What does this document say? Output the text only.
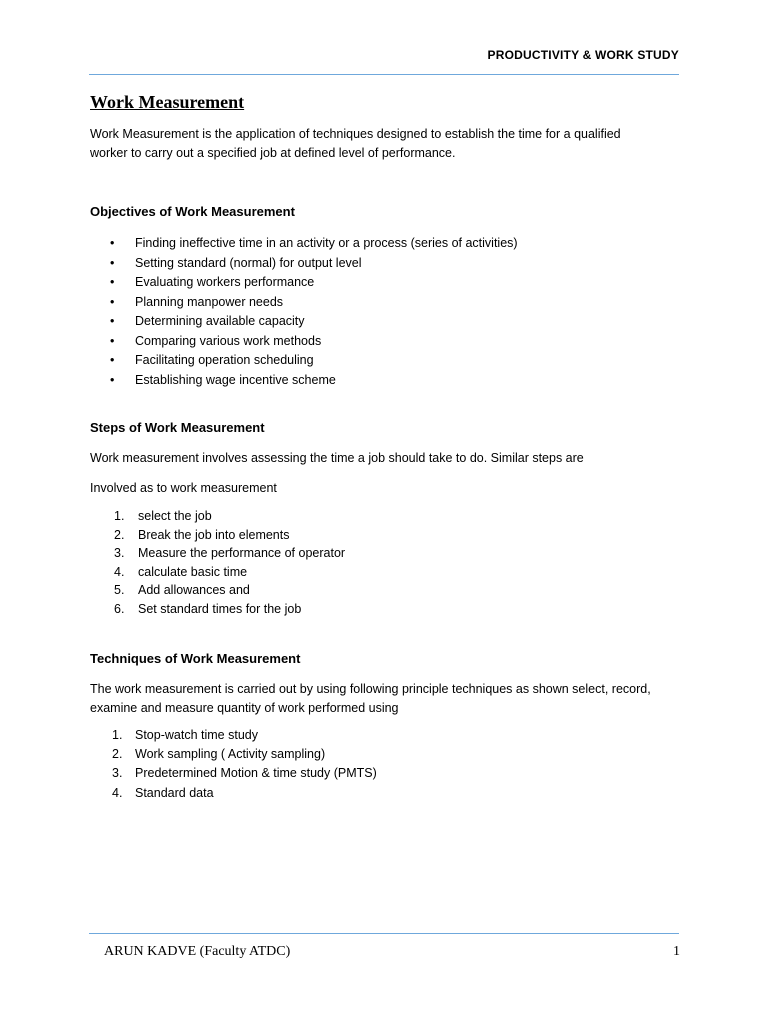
PRODUCTIVITY & WORK STUDY
Work Measurement

Work Measurement is the application of techniques designed to establish the time for a qualified worker to carry out a specified job at defined level of performance.

Objectives of Work Measurement
•	Finding ineffective time in an activity or a process (series of activities)
•	Setting standard (normal) for output level
•	Evaluating workers performance
•	Planning manpower needs
•	Determining available capacity
•	Comparing various work methods
•	Facilitating operation scheduling
•	Establishing wage incentive scheme
Steps of Work Measurement

Work measurement involves assessing the time a job should take to do. Similar steps are

Involved as to work measurement

1.	select the job
2.	Break the job into elements
3.	Measure the performance of operator
4.	calculate basic time
5.	Add allowances and
6.	Set standard times for the job
Techniques of Work Measurement

The work measurement is carried out by using following principle techniques as shown select, record, examine and measure quantity of work performed using

1.	Stop-watch time study
2.	Work sampling ( Activity sampling)
3.	Predetermined Motion & time study (PMTS)
4.	Standard data
ARUN KADVE (Faculty ATDC)	1
